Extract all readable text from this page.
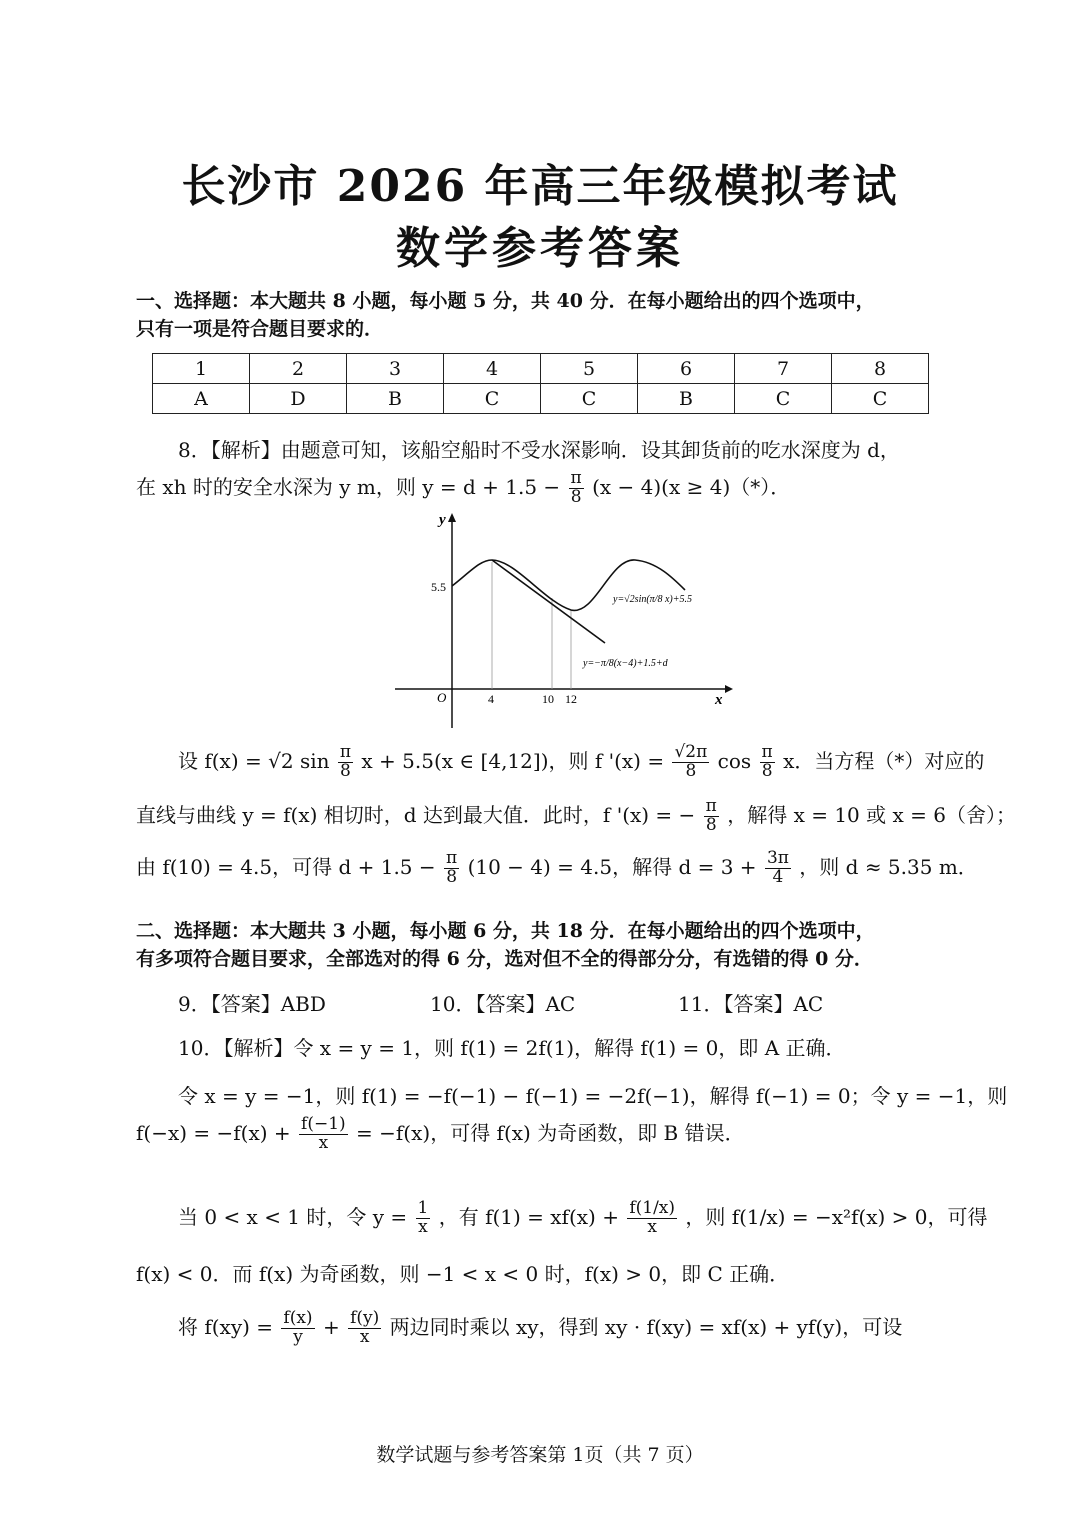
长沙市 2026 年高三年级模拟考试
数学参考答案
一、选择题：本大题共 8 小题，每小题 5 分，共 40 分．在每小题给出的四个选项中，
只有一项是符合题目要求的．
1	2	3	4	5	6	7	8
A	D	B	C	C	B	C	C
8．【解析】由题意可知，该船空船时不受水深影响．设其卸货前的吃水深度为 d，
在 xh 时的安全水深为 y m，则 $y = d + 1.5 - \frac{\pi}{8} (x - 4)(x \ge 4)(*)$．
y
x
O
5.5
4	10 12
y=√2sin(π/8 x)+5.5
y=−π/8(x−4)+1.5+d
设 f(x) = √2 $\sin \frac{\pi}{8}$ x + 5.5(x ∈ [4,12])，则 f '$(x) = \frac{√2\pi}{8}$ $\cos \frac{\pi}{8}$ x．当方程（*）对应的
直线与曲线 y = f(x) 相切时，d 达到最大值．此时，f '(x) = − $\frac{\pi}{8}$ ，解得 x = 10 或 x = 6（舍）；
由 f(10) = 4.5，可得 $d + 1.5 - \frac{\pi}{8} (10 - 4) = 4.5$，解得 $d = 3 + \frac{3\pi}{4}$ ，则 d ≈ 5.35 m．
二、选择题：本大题共 3 小题，每小题 6 分，共 18 分．在每小题给出的四个选项中，
有多项符合题目要求，全部选对的得 6 分，选对但不全的得部分分，有选错的得 0 分．
9．【答案】ABD	10．【答案】AC	11．【答案】AC
10．【解析】令 x = y = 1，则 f(1) = 2f(1)，解得 f(1) = 0，即 A 正确．
令 x = y = −1，则 f(1) = −f(−1) − f(−1) = −2f(−1)，解得 f(−1) = 0；令 y = −1，则
$f(-x) = -f(x) + \frac{f(-1)}{x} = -f(x)$，可得 f(x) 为奇函数，即 B 错误．
当 0 < x < 1 时，令 $y = \frac{1}{x}$ ，有 $f(1) = xf(x) + \frac{f(1/x)}{x}$ ，则 f(1/x) = −x²f(x) > 0，可得
f(x) < 0．而 f(x) 为奇函数，则 −1 < x < 0 时，f(x) > 0，即 C 正确．
将 $f(xy) = \frac{f(x)}{y} + \frac{f(y)}{x}$ 两边同时乘以 xy，得到 xy · f(xy) = xf(x) + yf(y)，可设
数学试题与参考答案第 1页（共 7 页）
